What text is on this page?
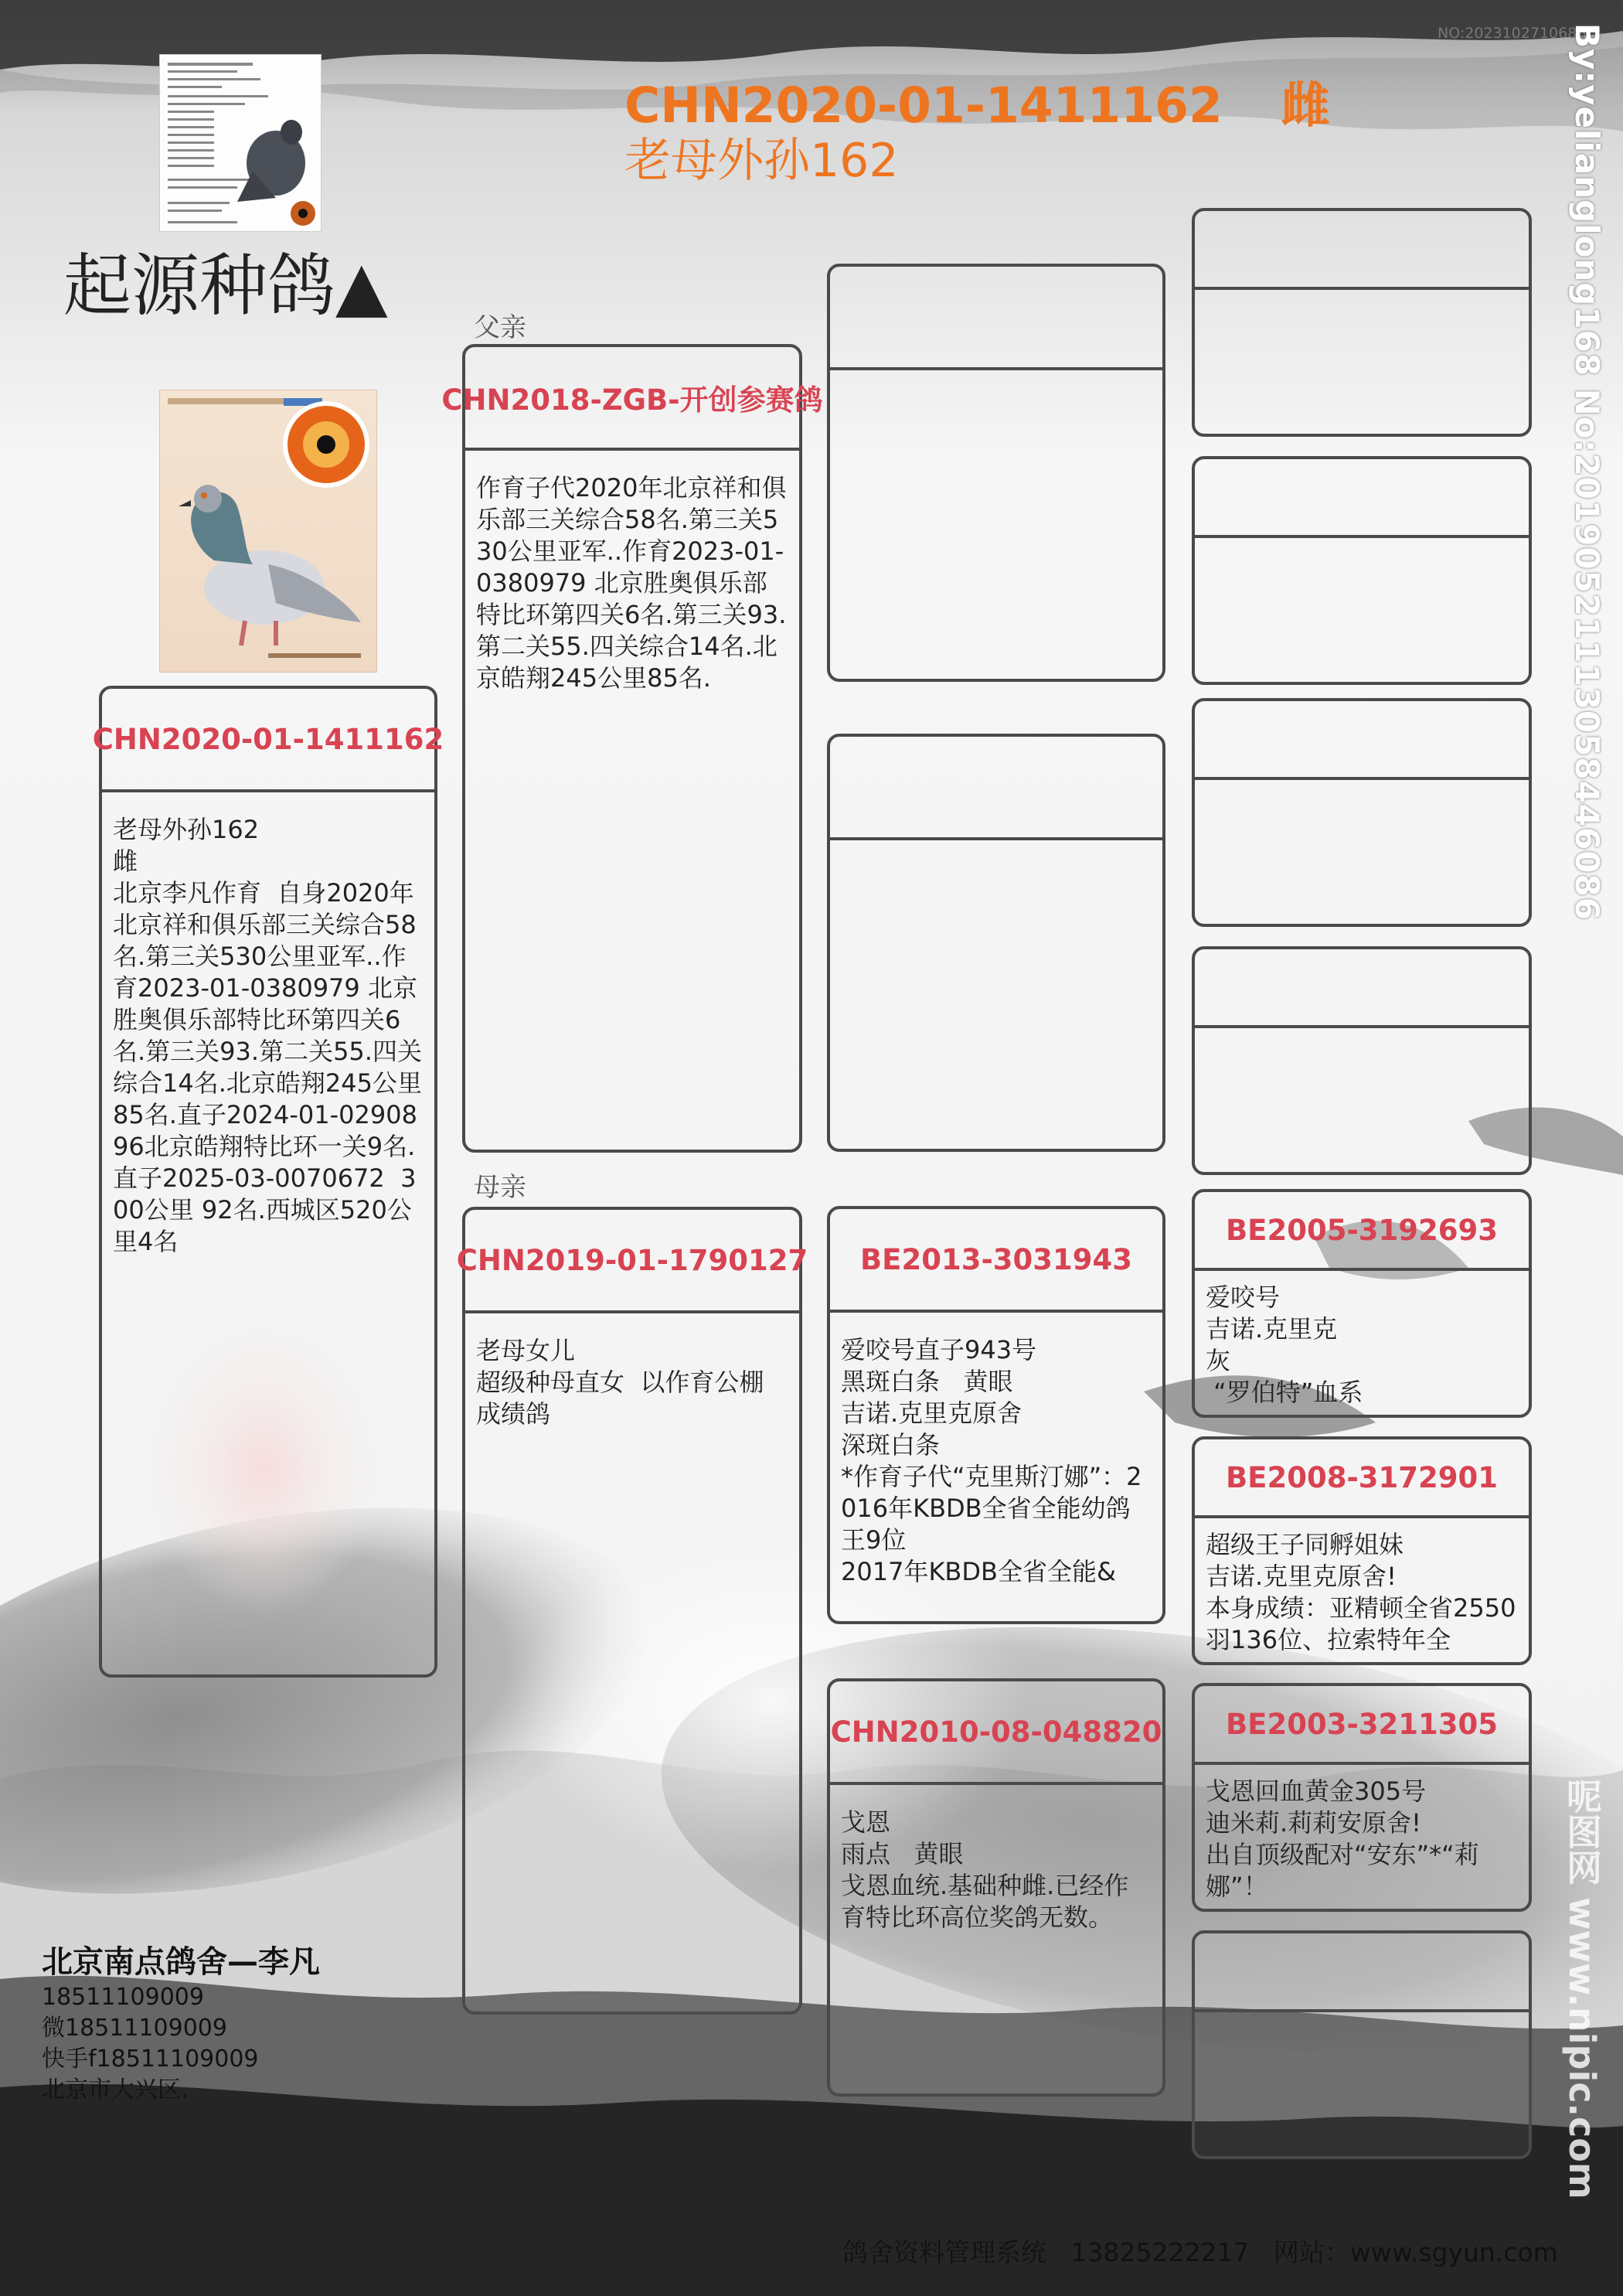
NO:2023102710686
CHN2020-01-1411162 雌
老母外孙162
起源种鸽▲	By:yelianglong168 No:20190521113058446086
呢图网 www.nipic.com
CHN2020-01-1411162
老母外孙162
雌
北京李凡作育  自身2020年北京祥和俱乐部三关综合58名.第三关530公里亚军..作育2023-01-0380979 北京胜奥俱乐部特比环第四关6名.第三关93.第二关55.四关综合14名.北京皓翔245公里85名.直子2024-01-0290896北京皓翔特比环一关9名.直子2025-03-0070672  300公里 92名.西城区520公里4名
父亲
母亲
CHN2018-ZGB-开创参赛鸽
作育子代2020年北京祥和俱乐部三关综合58名.第三关530公里亚军..作育2023-01-0380979 北京胜奥俱乐部特比环第四关6名.第三关93.第二关55.四关综合14名.北京皓翔245公里85名.
CHN2019-01-1790127
老母女儿
超级种母直女  以作育公棚成绩鸽
BE2013-3031943
爱咬号直子943号
黑斑白条   黄眼
吉诺.克里克原舍
深斑白条
*作育子代“克里斯汀娜”：2016年KBDB全省全能幼鸽王9位
2017年KBDB全省全能&
CHN2010-08-048820
戈恩
雨点   黄眼
戈恩血统.基础种雌.已经作育特比环高位奖鸽无数。
BE2005-3192693
爱咬号
吉诺.克里克
灰
“罗伯特”血系
BE2008-3172901
超级王子同孵姐妹
吉诺.克里克原舍!
本身成绩：亚精顿全省2550羽136位、拉索特年全
BE2003-3211305
戈恩回血黄金305号
迪米莉.莉莉安原舍!
出自顶级配对“安东”*“莉娜”！
北京南点鸽舍—李凡
18511109009
微18511109009
快手f18511109009
北京市大兴区.
鸽舍资料管理系统   13825222217   网站：www.sgyun.com
